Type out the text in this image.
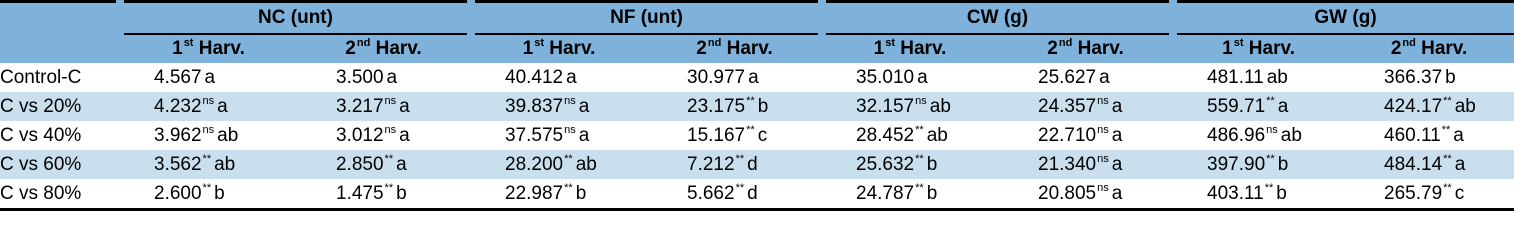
	NC (unt)		NF (unt)		CW (g)		GW (g)	
	1st Harv.	2nd Harv.	1st Harv.	2nd Harv.	1st Harv.	2nd Harv.	1st Harv.	2nd Harv.
Control-C	4.567 a	3.500 a	40.412 a	30.977 a	35.010 a	25.627 a	481.11 ab	366.37 b
C vs 20%	$4.232^{ns}$ a	$3.217^{ns}$ a	$39.837^{ns}$ a	23.175** b	$32.157^{ns}$ ab	$24.357^{ns}$ a	559.71** a	424.17** ab
C vs 40%	$3.962^{ns}$ ab	$3.012^{ns}$ a	$37.575^{ns}$ a	15.167** c	28.452** ab	$22.710^{ns}$ a	$486.96^{ns}$ ab	460.11** a
C vs 60%	3.562** ab	2.850** a	28.200** ab	7.212** d	25.632** b	$21.340^{ns}$ a	397.90** b	484.14** a
C vs 80%	2.600** b	1.475** b	22.987** b	5.662** d	24.787** b	$20.805^{ns}$ a	403.11** b	265.79** c
